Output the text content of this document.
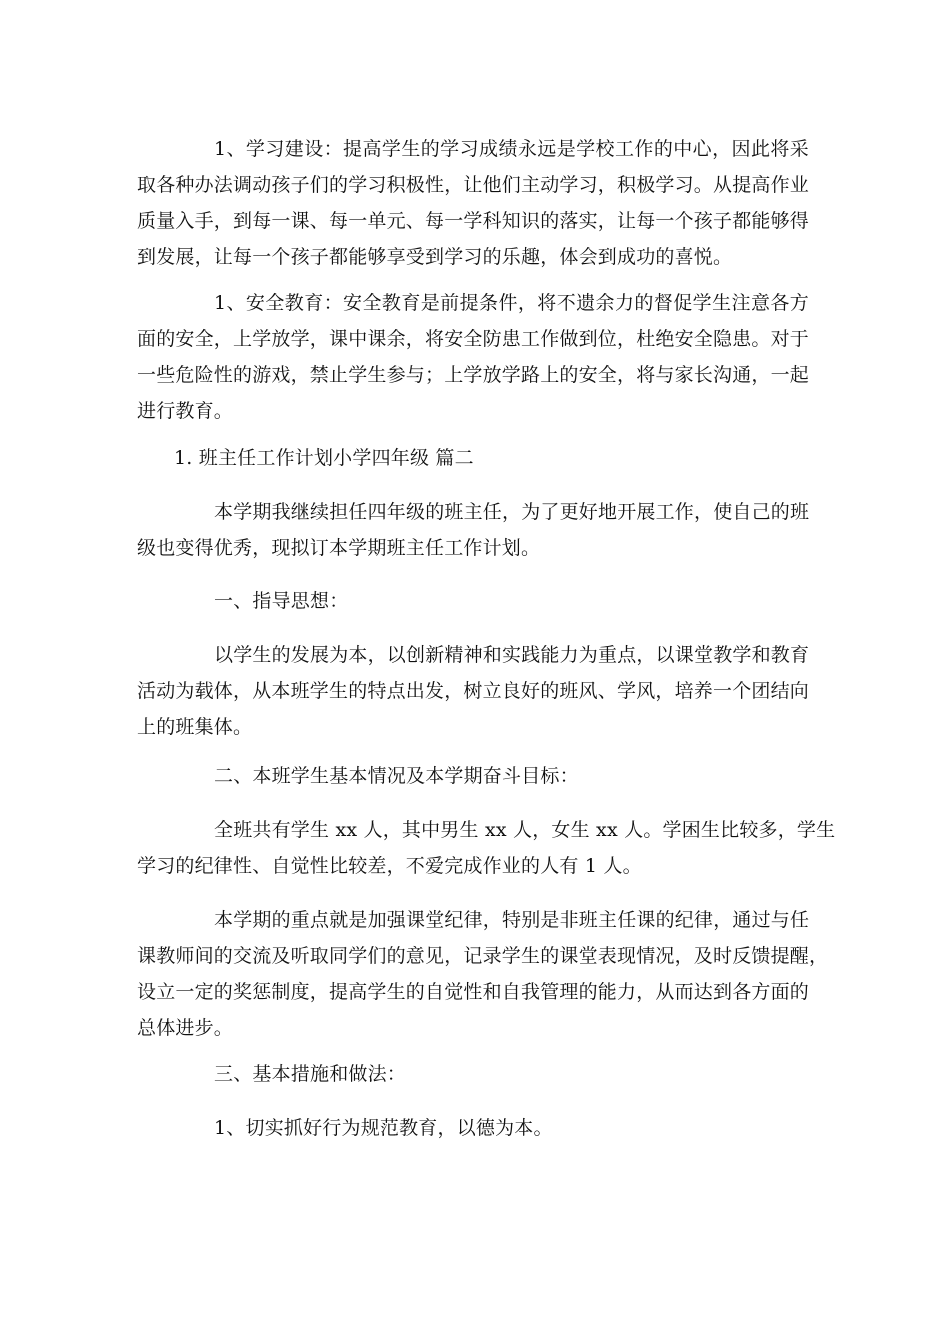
1、学习建设：提高学生的学习成绩永远是学校工作的中心，因此将采
取各种办法调动孩子们的学习积极性，让他们主动学习，积极学习。从提高作业
质量入手，到每一课、每一单元、每一学科知识的落实，让每一个孩子都能够得
到发展，让每一个孩子都能够享受到学习的乐趣，体会到成功的喜悦。

1、安全教育：安全教育是前提条件，将不遗余力的督促学生注意各方
面的安全，上学放学，课中课余，将安全防患工作做到位，杜绝安全隐患。对于
一些危险性的游戏，禁止学生参与；上学放学路上的安全，将与家长沟通，一起
进行教育。

1. 班主任工作计划小学四年级 篇二

本学期我继续担任四年级的班主任，为了更好地开展工作，使自己的班
级也变得优秀，现拟订本学期班主任工作计划。

一、指导思想：

以学生的发展为本，以创新精神和实践能力为重点，以课堂教学和教育
活动为载体，从本班学生的特点出发，树立良好的班风、学风，培养一个团结向
上的班集体。

二、本班学生基本情况及本学期奋斗目标：

全班共有学生 xx 人，其中男生 xx 人，女生 xx 人。学困生比较多，学生
学习的纪律性、自觉性比较差，不爱完成作业的人有 1 人。

本学期的重点就是加强课堂纪律，特别是非班主任课的纪律，通过与任
课教师间的交流及听取同学们的意见，记录学生的课堂表现情况，及时反馈提醒，
设立一定的奖惩制度，提高学生的自觉性和自我管理的能力，从而达到各方面的
总体进步。

三、基本措施和做法：

1、切实抓好行为规范教育，以德为本。
